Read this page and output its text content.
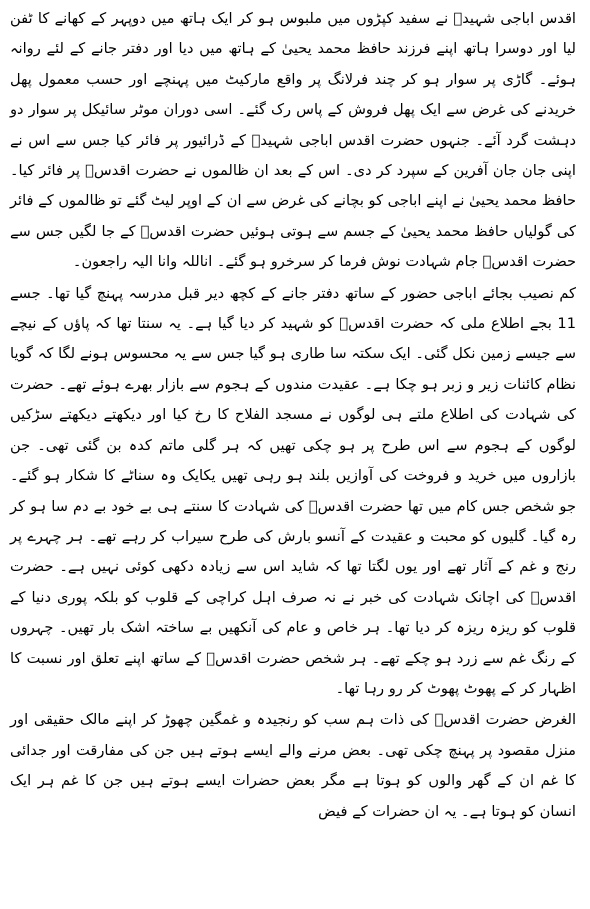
اقدس اباجی شہیدؒ نے سفید کپڑوں میں ملبوس ہو کر ایک ہاتھ میں دوپہر کے کھانے کا ٹفن لیا اور دوسرا ہاتھ اپنے فرزند حافظ محمد یحییٰ کے ہاتھ میں دیا اور دفتر جانے کے لئے روانہ ہوئے۔ گاڑی پر سوار ہو کر چند فرلانگ پر واقع مارکیٹ میں پہنچے اور حسب معمول پھل خریدنے کی غرض سے ایک پھل فروش کے پاس رک گئے۔ اسی دوران موٹر سائیکل پر سوار دو دہشت گرد آئے۔ جنہوں حضرت اقدس اباجی شہیدؒ کے ڈرائیور پر فائر کیا جس سے اس نے اپنی جان جان آفرین کے سپرد کر دی۔ اس کے بعد ان ظالموں نے حضرت اقدسؒ پر فائر کیا۔ حافظ محمد یحییٰ نے اپنے اباجی کو بچانے کی غرض سے ان کے اوپر لیٹ گئے تو ظالموں کے فائر کی گولیاں حافظ محمد یحییٰ کے جسم سے ہوتی ہوئیں حضرت اقدسؒ کے جا لگیں جس سے حضرت اقدسؒ جام شہادت نوش فرما کر سرخرو ہو گئے۔ اناللہ وانا الیہ راجعون۔

کم نصیب بجائے اباجی حضور کے ساتھ دفتر جانے کے کچھ دیر قبل مدرسہ پہنچ گیا تھا۔ جسے 11 بجے اطلاع ملی کہ حضرت اقدسؒ کو شہید کر دیا گیا ہے۔ یہ سنتا تھا کہ پاؤں کے نیچے سے جیسے زمین نکل گئی۔ ایک سکتہ سا طاری ہو گیا جس سے یہ محسوس ہونے لگا کہ گویا نظام کائنات زیر و زبر ہو چکا ہے۔ عقیدت مندوں کے ہجوم سے بازار بھرے ہوئے تھے۔ حضرت کی شہادت کی اطلاع ملتے ہی لوگوں نے مسجد الفلاح کا رخ کیا اور دیکھتے دیکھتے سڑکیں لوگوں کے ہجوم سے اس طرح پر ہو چکی تھیں کہ ہر گلی ماتم کدہ بن گئی تھی۔ جن بازاروں میں خرید و فروخت کی آوازیں بلند ہو رہی تھیں یکایک وہ سناٹے کا شکار ہو گئے۔ جو شخص جس کام میں تھا حضرت اقدسؒ کی شہادت کا سنتے ہی بے خود بے دم سا ہو کر رہ گیا۔ گلیوں کو محبت و عقیدت کے آنسو بارش کی طرح سیراب کر رہے تھے۔ ہر چہرے پر رنج و غم کے آثار تھے اور یوں لگتا تھا کہ شاید اس سے زیادہ دکھی کوئی نہیں ہے۔ حضرت اقدسؒ کی اچانک شہادت کی خبر نے نہ صرف اہل کراچی کے قلوب کو بلکہ پوری دنیا کے قلوب کو ریزہ ریزہ کر دیا تھا۔ ہر خاص و عام کی آنکھیں بے ساختہ اشک بار تھیں۔ چہروں کے رنگ غم سے زرد ہو چکے تھے۔ ہر شخص حضرت اقدسؒ کے ساتھ اپنے تعلق اور نسبت کا اظہار کر کے پھوٹ پھوٹ کر رو رہا تھا۔

الغرض حضرت اقدسؒ کی ذات ہم سب کو رنجیدہ و غمگین چھوڑ کر اپنے مالک حقیقی اور منزل مقصود پر پہنچ چکی تھی۔ بعض مرنے والے ایسے ہوتے ہیں جن کی مفارقت اور جدائی کا غم ان کے گھر والوں کو ہوتا ہے مگر بعض حضرات ایسے ہوتے ہیں جن کا غم ہر ایک انسان کو ہوتا ہے۔ یہ ان حضرات کے فیض
